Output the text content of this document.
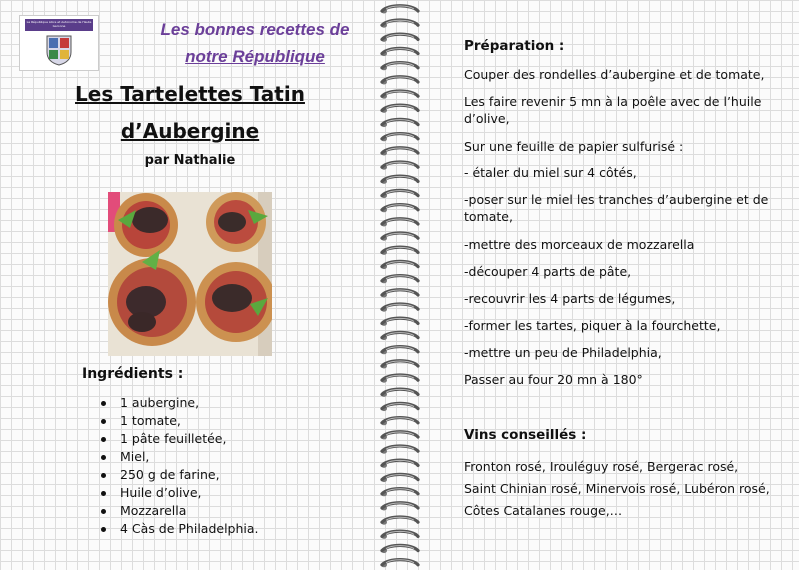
La République Libre et Autonome de Haute Garonne	Les bonnes recettes de
notre République
Les Tartelettes Tatin
d’Aubergine
par Nathalie
Ingrédients :
1 aubergine,
1 tomate,
1 pâte feuilletée,
Miel,
250 g de farine,
Huile d’olive,
Mozzarella
4 Càs de Philadelphia.
Préparation :
Couper des rondelles d’aubergine et de tomate,
Les faire revenir 5 mn à la poêle avec de l’huile d’olive,
Sur une feuille de papier sulfurisé :
- étaler du miel sur 4 côtés,
-poser sur le miel les tranches d’aubergine et de tomate,
-mettre des morceaux de mozzarella
-découper 4 parts de pâte,
-recouvrir les 4 parts de légumes,
-former les tartes, piquer à la fourchette,
-mettre un peu de Philadelphia,
Passer au four 20 mn à 180°
Vins conseillés :
Fronton rosé, Irouléguy rosé, Bergerac rosé,
Saint Chinian rosé, Minervois rosé, Lubéron rosé,
Côtes Catalanes rouge,…
